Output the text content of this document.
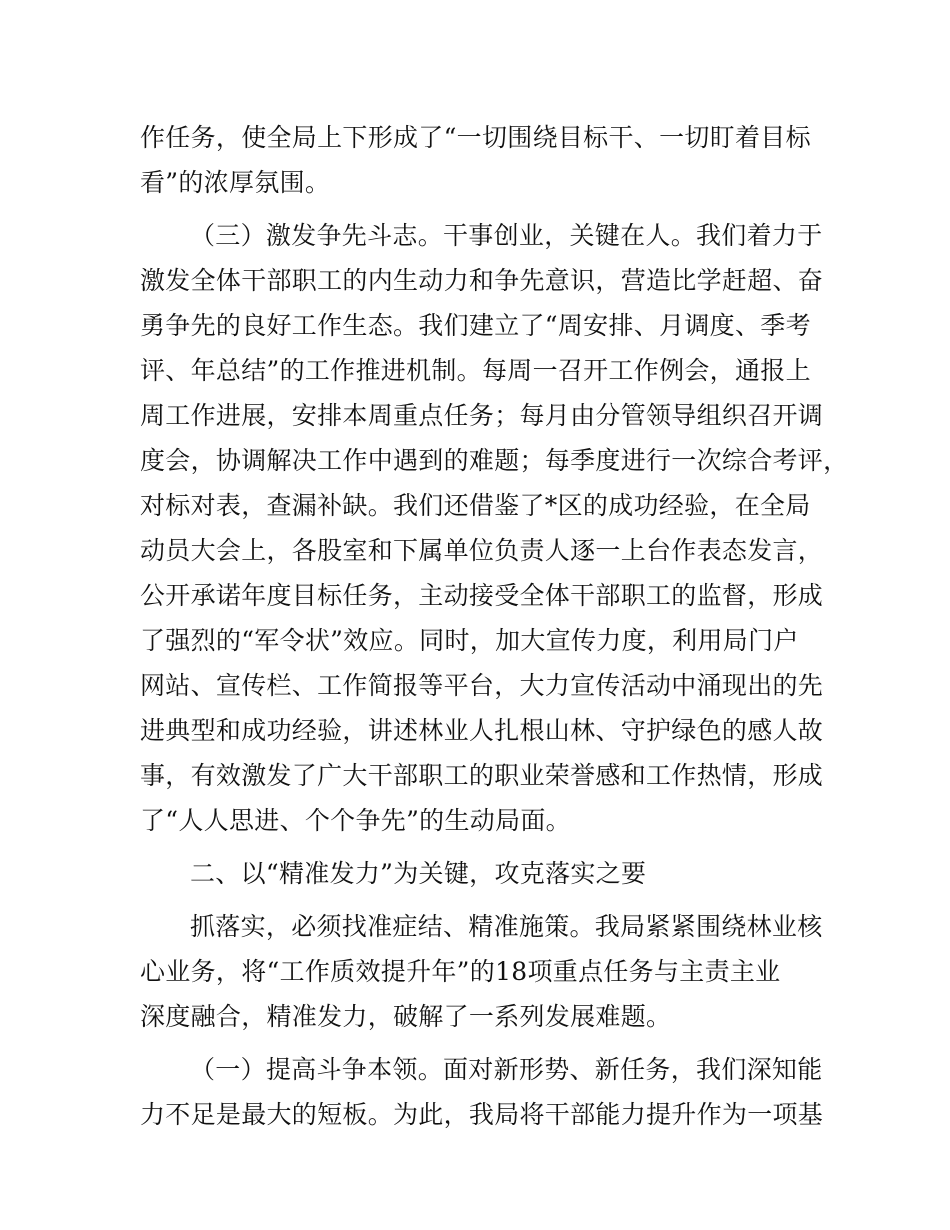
作任务，使全局上下形成了“一切围绕目标干、一切盯着目标
看”的浓厚氛围。
（三）激发争先斗志。干事创业，关键在人。我们着力于
激发全体干部职工的内生动力和争先意识，营造比学赶超、奋
勇争先的良好工作生态。我们建立了“周安排、月调度、季考
评、年总结”的工作推进机制。每周一召开工作例会，通报上
周工作进展，安排本周重点任务；每月由分管领导组织召开调
度会，协调解决工作中遇到的难题；每季度进行一次综合考评，
对标对表，查漏补缺。我们还借鉴了*区的成功经验，在全局
动员大会上，各股室和下属单位负责人逐一上台作表态发言，
公开承诺年度目标任务，主动接受全体干部职工的监督，形成
了强烈的“军令状”效应。同时，加大宣传力度，利用局门户
网站、宣传栏、工作简报等平台，大力宣传活动中涌现出的先
进典型和成功经验，讲述林业人扎根山林、守护绿色的感人故
事，有效激发了广大干部职工的职业荣誉感和工作热情，形成
了“人人思进、个个争先”的生动局面。
二、以“精准发力”为关键，攻克落实之要
抓落实，必须找准症结、精准施策。我局紧紧围绕林业核
心业务，将“工作质效提升年”的18项重点任务与主责主业
深度融合，精准发力，破解了一系列发展难题。
（一）提高斗争本领。面对新形势、新任务，我们深知能
力不足是最大的短板。为此，我局将干部能力提升作为一项基
